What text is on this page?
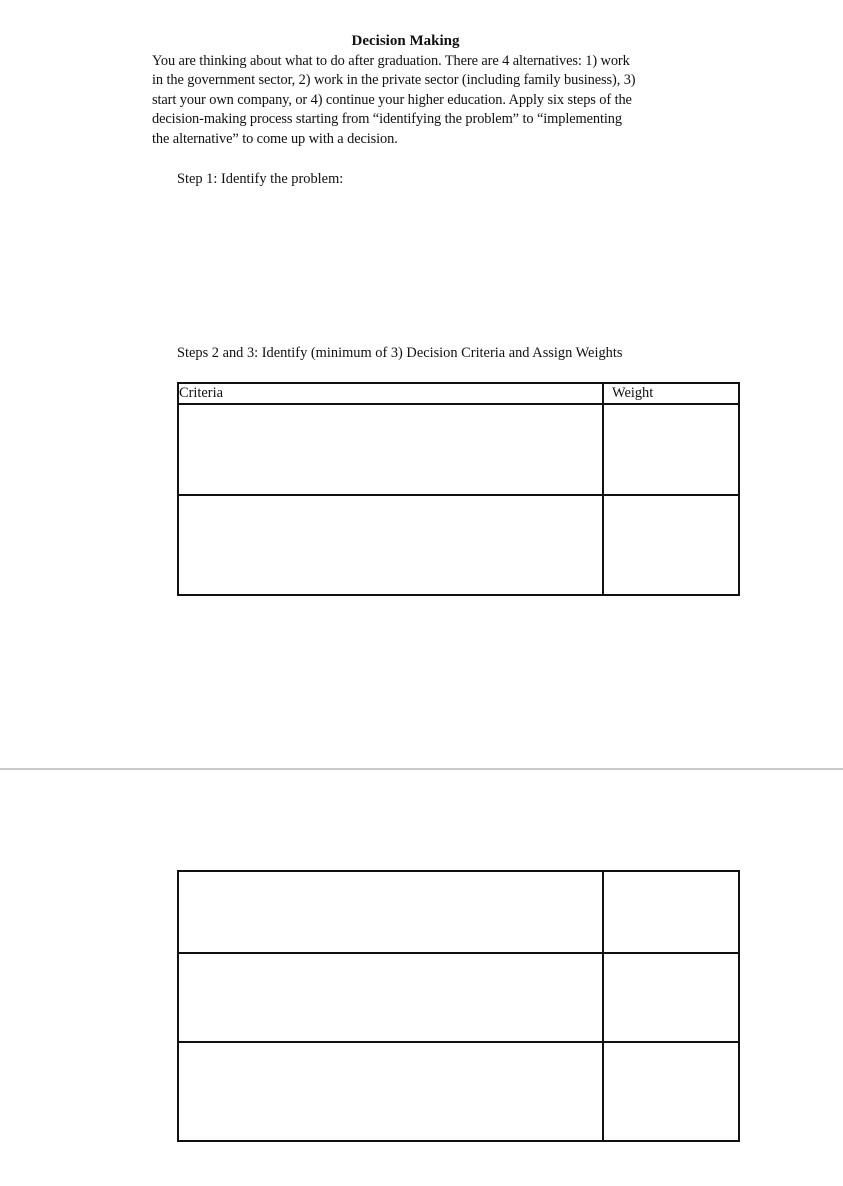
Decision Making
You are thinking about what to do after graduation. There are 4 alternatives: 1) work
in the government sector, 2) work in the private sector (including family business), 3)
start your own company, or 4) continue your higher education. Apply six steps of the
decision-making process starting from “identifying the problem” to “implementing
the alternative” to come up with a decision.
Step 1: Identify the problem:
Steps 2 and 3: Identify (minimum of 3) Decision Criteria and Assign Weights
Criteria	Weight
